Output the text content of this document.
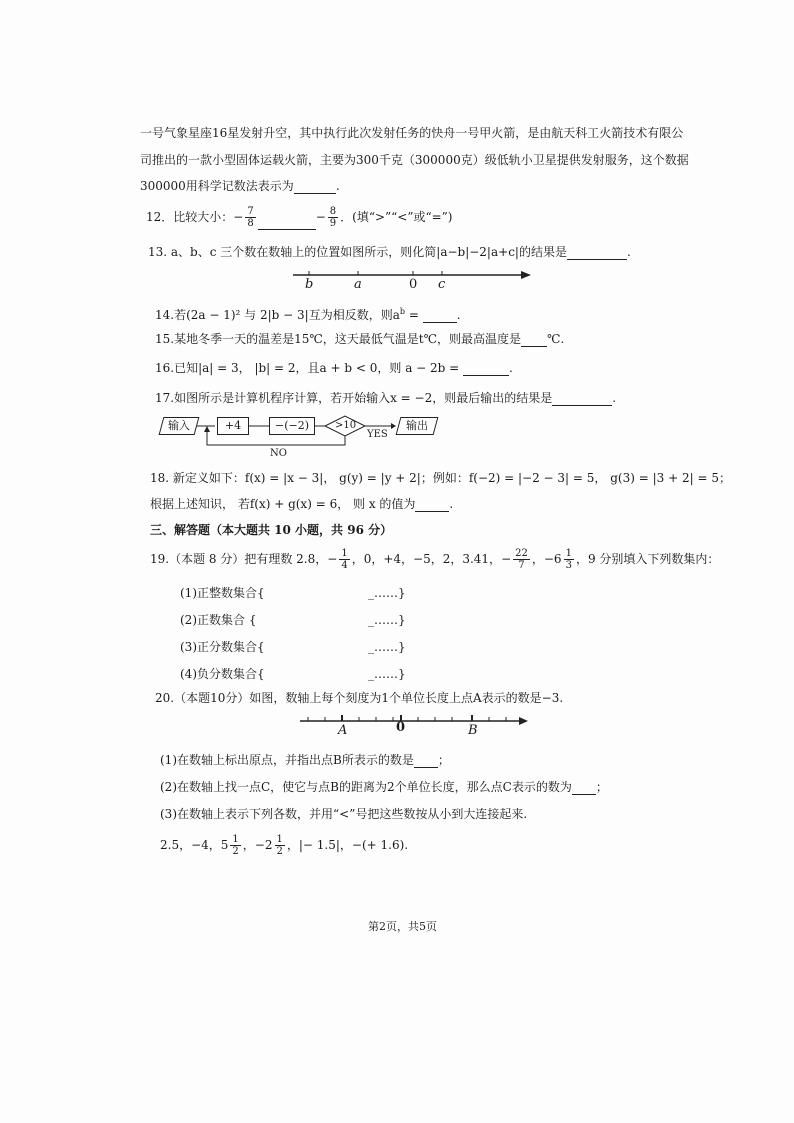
一号气象星座16星发射升空，其中执行此次发射任务的快舟一号甲火箭，是由航天科工火箭技术有限公
司推出的一款小型固体运载火箭，主要为300千克（300000克）级低轨小卫星提供发射服务，这个数据
300000用科学记数法表示为	.
12．比较大小：− $\frac{7}{8}$	− $\frac{8}{9}$ ．(填“>”“<”或“=”)
13. a、b、c 三个数在数轴上的位置如图所示，则化简|a−b|−2|a+c|的结果是	.
b	a	0 c
14.若(2a − 1)² 与 2|b − 3|互为相反数，则$a^b$ =	.
15.某地冬季一天的温差是15℃，这天最低气温是t℃，则最高温度是 ℃.
16.已知|a| = 3， |b| = 2，且a + b < 0，则 a − 2b =	.
17.如图所示是计算机程序计算，若开始输入x = −2，则最后输出的结果是	.
输入	+4	−(−2)	>10
YES
输出
NO
18. 新定义如下：f(x) = |x − 3|， g(y) = |y + 2|；例如：f(−2) = |−2 − 3| = 5， g(3) = |3 + 2| = 5；
根据上述知识， 若f(x) + g(x) = 6， 则 x 的值为	.
三、解答题（本大题共 10 小题，共 96 分）
19.（本题 8 分）把有理数 2.8，− $\frac{1}{4}$ ，0，+4，−5，2，3.41，− $\frac{22}{7}$ ，$-6 \frac{1}{3}$ ，9 分别填入下列数集内：
(1)正整数集合{	_……}
(2)正数集合 {	_……}
(3)正分数集合{	_……}
(4)负分数集合{	_……}
20.（本题10分）如图，数轴上每个刻度为1个单位长度上点A表示的数是−3.
A	0	B
(1)在数轴上标出原点，并指出点B所表示的数是 ；
(2)在数轴上找一点C，使它与点B的距离为2个单位长度，那么点C表示的数为 ；
(3)在数轴上表示下列各数，并用“<”号把这些数按从小到大连接起来.
2.5，−4，$5 \frac{1}{2}$ ，$-2 \frac{1}{2}$ ，|− 1.5|，−(+ 1.6).
第2页，共5页
